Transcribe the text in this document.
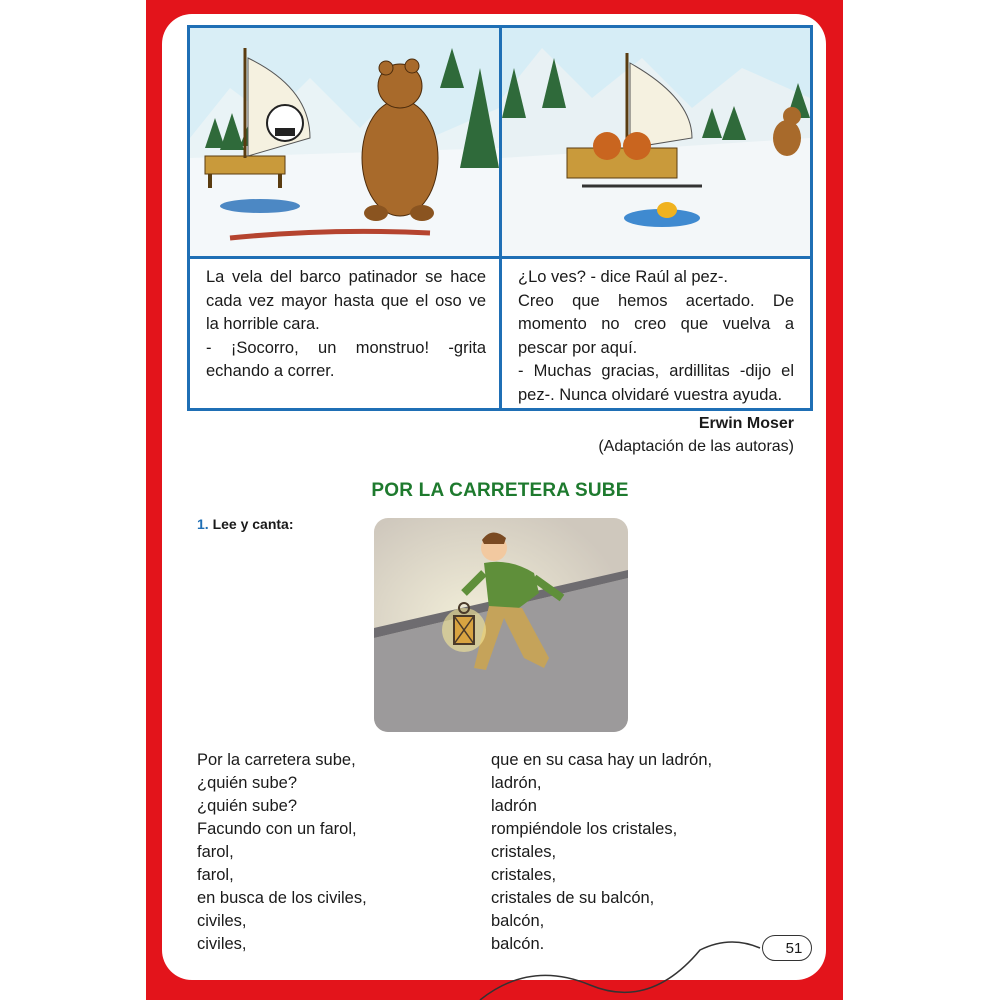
La vela del barco patinador se hace cada vez mayor hasta que el oso ve la horrible cara.
- ¡Socorro, un monstruo! -grita echando a correr.
¿Lo ves? - dice Raúl al pez-.
Creo que hemos acertado. De momento no creo que vuelva a pescar por aquí.
- Muchas gracias, ardillitas -dijo el pez-. Nunca olvidaré vuestra ayuda.
Erwin Moser
(Adaptación de las autoras)
POR LA CARRETERA SUBE
1. Lee y canta:
Por la carretera sube,
¿quién sube?
¿quién sube?
Facundo con un farol,
farol,
farol,
en busca de los civiles,
civiles,
civiles,
que en su casa hay un ladrón,
ladrón,
ladrón
rompiéndole los cristales,
cristales,
cristales,
cristales de su balcón,
balcón,
balcón.	51
